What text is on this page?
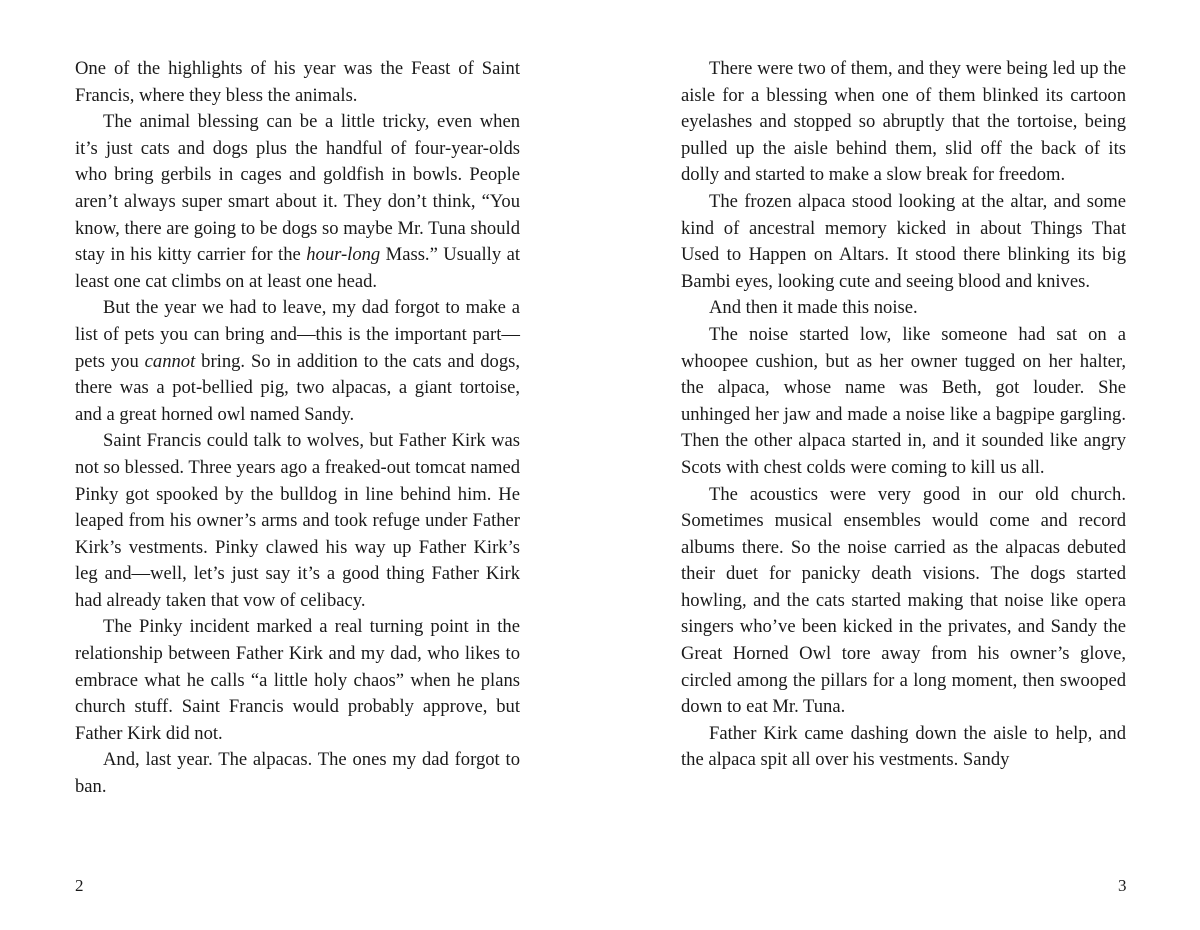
One of the highlights of his year was the Feast of Saint Francis, where they bless the animals.

The animal blessing can be a little tricky, even when it’s just cats and dogs plus the handful of four-year-olds who bring gerbils in cages and goldfish in bowls. People aren’t always super smart about it. They don’t think, “You know, there are going to be dogs so maybe Mr. Tuna should stay in his kitty carrier for the hour-long Mass.” Usually at least one cat climbs on at least one head.

But the year we had to leave, my dad forgot to make a list of pets you can bring and—this is the important part—pets you cannot bring. So in addition to the cats and dogs, there was a pot-bellied pig, two alpacas, a giant tortoise, and a great horned owl named Sandy.

Saint Francis could talk to wolves, but Father Kirk was not so blessed. Three years ago a freaked-out tomcat named Pinky got spooked by the bulldog in line behind him. He leaped from his owner’s arms and took refuge under Father Kirk’s vestments. Pinky clawed his way up Father Kirk’s leg and—well, let’s just say it’s a good thing Father Kirk had already taken that vow of celibacy.

The Pinky incident marked a real turning point in the relationship between Father Kirk and my dad, who likes to embrace what he calls “a little holy chaos” when he plans church stuff. Saint Francis would probably approve, but Father Kirk did not.

And, last year. The alpacas. The ones my dad forgot to ban.

There were two of them, and they were being led up the aisle for a blessing when one of them blinked its cartoon eyelashes and stopped so abruptly that the tortoise, being pulled up the aisle behind them, slid off the back of its dolly and started to make a slow break for freedom.

The frozen alpaca stood looking at the altar, and some kind of ancestral memory kicked in about Things That Used to Happen on Altars. It stood there blinking its big Bambi eyes, looking cute and seeing blood and knives.

And then it made this noise.

The noise started low, like someone had sat on a whoopee cushion, but as her owner tugged on her halter, the alpaca, whose name was Beth, got louder. She unhinged her jaw and made a noise like a bagpipe gargling. Then the other alpaca started in, and it sounded like angry Scots with chest colds were coming to kill us all.

The acoustics were very good in our old church. Sometimes musical ensembles would come and record albums there. So the noise carried as the alpacas debuted their duet for panicky death visions. The dogs started howling, and the cats started making that noise like opera singers who’ve been kicked in the privates, and Sandy the Great Horned Owl tore away from his owner’s glove, circled among the pillars for a long moment, then swooped down to eat Mr. Tuna.

Father Kirk came dashing down the aisle to help, and the alpaca spit all over his vestments. Sandy

2	3
